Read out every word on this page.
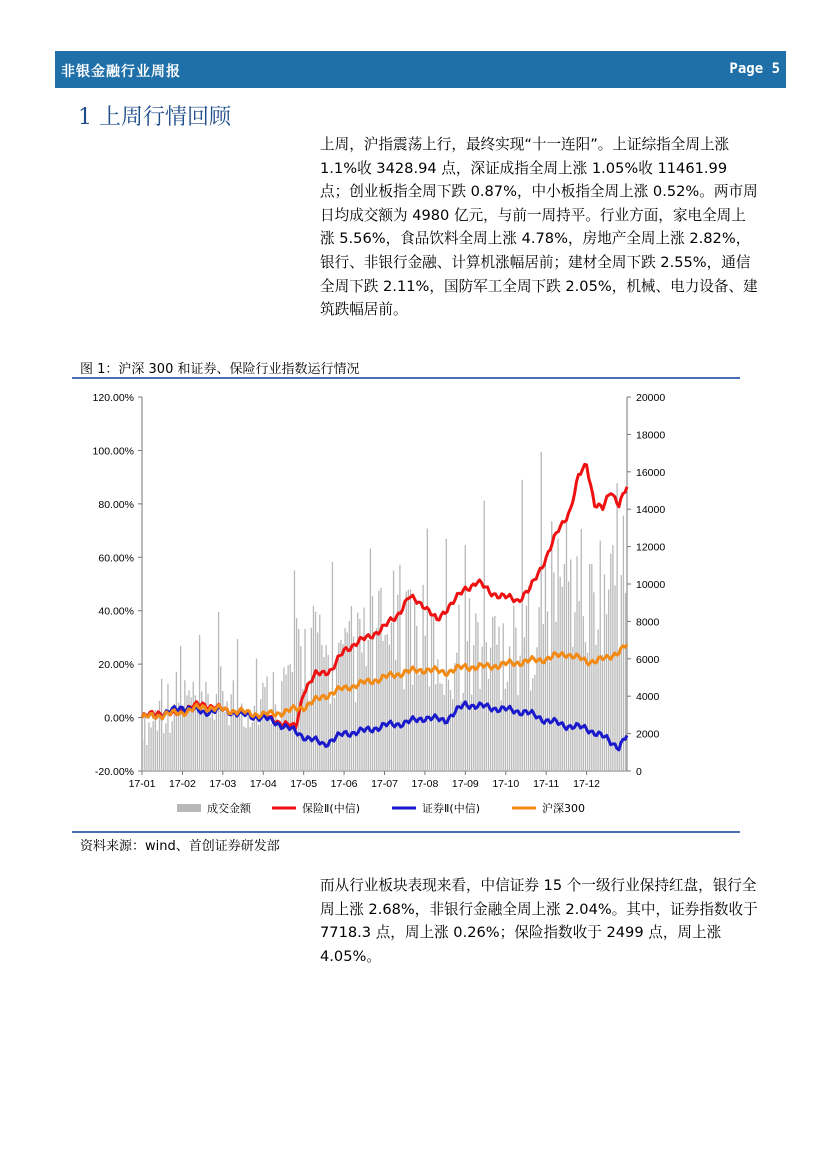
非银金融行业周报	Page 5
1 上周行情回顾
上周，沪指震荡上行，最终实现“十一连阳”。上证综指全周上涨 1.1%收 3428.94 点，深证成指全周上涨 1.05%收 11461.99 点；创业板指全周下跌 0.87%，中小板指全周上涨 0.52%。两市周日均成交额为 4980 亿元，与前一周持平。行业方面，家电全周上涨 5.56%，食品饮料全周上涨 4.78%，房地产全周上涨 2.82%，银行、非银行金融、计算机涨幅居前；建材全周下跌 2.55%，通信全周下跌 2.11%，国防军工全周下跌 2.05%，机械、电力设备、建筑跌幅居前。
图 1：沪深 300 和证券、保险行业指数运行情况
120.00%
100.00%
80.00%
60.00%
40.00%
20.00%
0.00%
-20.00%
20000
18000
16000
14000
12000
10000
8000
6000
4000
2000
0
17-01 17-02 17-03 17-04 17-05 17-06 17-07 17-08 17-09 17-10 17-11 17-12
成交金额	保险Ⅱ(中信)	证券Ⅱ(中信)	沪深300
资料来源：wind、首创证券研发部
而从行业板块表现来看，中信证券 15 个一级行业保持红盘，银行全周上涨 2.68%，非银行金融全周上涨 2.04%。其中，证券指数收于 7718.3 点，周上涨 0.26%；保险指数收于 2499 点，周上涨 4.05%。
